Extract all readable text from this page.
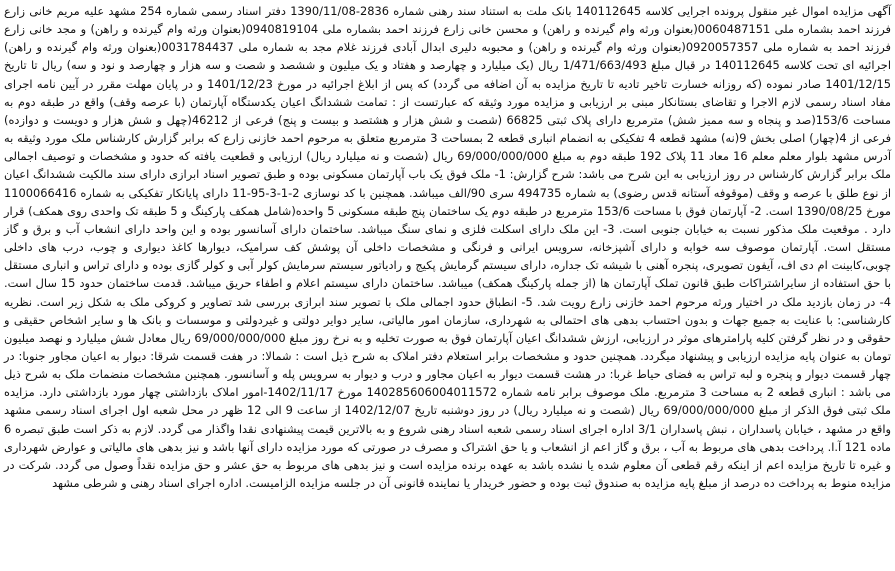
آگهی مزایده اموال غیر منقول پرونده اجرایی کلاسه 140112645 بانک ملت به استناد سند رهنی شماره 2836-1390/11/08 دفتر اسناد رسمی شماره 254 مشهد علیه مریم خانی زارع فرزند احمد بشماره ملی 0060487151(بعنوان ورثه وام گیرنده و راهن) و محسن خانی زارع فرزند احمد بشماره ملی 0940819104(بعنوان ورثه وام گیرنده و راهن) و مجد خانی زارع فرزند احمد به شماره ملی 0920057357(بعنوان ورثه وام گیرنده و راهن) و محبوبه دلیری ابدال آبادی فرزند غلام مجد به شماره ملی 0031784437(بعنوان ورثه وام گیرنده و راهن) اجرائیه ای تحت کلاسه 140112645 در قبال مبلغ 1/471/663/493 ریال (یک میلیارد و چهارصد و هفتاد و یک میلیون و ششصد و شصت و سه هزار و چهارصد و نود و سه) ریال تا تاریخ 1401/12/15 صادر نموده (که روزانه خسارت تاخیر تادیه تا تاریخ مزایده به آن اضافه می گردد) که پس از ابلاغ اجرائیه در مورخ 1401/12/23 و در پایان مهلت مقرر در آیین نامه اجرای مفاد اسناد رسمی لازم الاجرا و تقاضای بستانکار مبنی بر ارزیابی و مزایده مورد وثیقه که عبارتست از : تمامت ششدانگ اعیان یکدستگاه آپارتمان (با عرصه وقف) واقع در طبقه دوم به مساحت 153/6(صد و پنجاه و سه ممیز شش) مترمربع دارای پلاک ثبتی 66825 (شصت و شش هزار و هشتصد و بیست و پنج) فرعی از 46212(چهل و شش هزار و دویست و دوازده) فرعی از 4(چهار) اصلی بخش 9(نه) مشهد قطعه 4 تفکیکی به انضمام انباری قطعه 2 بمساحت 3 مترمربع متعلق به مرحوم احمد خازنی زارع که برابر گزارش کارشناس ملک مورد وثیقه به آدرس مشهد بلوار معلم معلم 16 معاد 11 پلاک 192 طبقه دوم به مبلغ 69/000/000/000 ریال (شصت و نه میلیارد ریال) ارزیابی و قطعیت یافته که حدود و مشخصات و توصیف اجمالی ملک برابر گزارش کارشناس در روز ارزیابی به این شرح می باشد: شرح گزارش: 1- ملک فوق یک باب آپارتمان مسکونی بوده و طبق تصویر اسناد ابرازی دارای سند مالکیت ششدانگ اعیان از نوع طلق با عرصه و وقف (موقوفه آستانه قدس رضوی) به شماره 494735 سری 90/الف میباشد. همچنین با کد نوسازی 2-1-3-95-11 دارای پایانکار تفکیکی به شماره 1100066416 مورخ 1390/08/25 است. 2- آپارتمان فوق با مساحت 153/6 مترمربع در طبقه دوم یک ساختمان پنج طبقه مسکونی 5 واحده(شامل همکف پارکینگ و 5 طبقه تک واحدی روی همکف) قرار دارد . موقعیت ملک مذکور نسبت به خیابان جنوبی است. 3- این ملک دارای اسکلت فلزی و نمای سنگ میباشد. ساختمان دارای آسانسور بوده و این واحد دارای انشعاب آب و برق و گاز مستقل است. آپارتمان موصوف سه خوابه و دارای آشپزخانه، سرویس ایرانی و فرنگی و مشخصات داخلی آن پوشش کف سرامیک، دیوارها کاغذ دیواری و چوب، درب های داخلی چوبی،کابینت ام دی اف، آیفون تصویری، پنجره آهنی با شیشه تک جداره، دارای سیستم گرمایش پکیج و رادیاتور سیستم سرمایش کولر آبی و کولر گازی بوده و دارای تراس و انباری مستقل با حق استفاده از سایراشتراکات طبق قانون تملک آپارتمان ها (از جمله پارکینگ همکف) میباشد. ساختمان دارای سیستم اعلام و اطفاء حریق میباشد. قدمت ساختمان حدود 15 سال است. 4- در زمان بازدید ملک در اختیار ورثه مرحوم احمد خازنی زارع رویت شد. 5- انطباق حدود اجمالی ملک با تصویر سند ابرازی بررسی شد تصاویر و کروکی ملک به شکل زیر است. نظریه کارشناسی: با عنایت به جمیع جهات و بدون احتساب بدهی های احتمالی به شهرداری، سازمان امور مالیاتی، سایر دوایر دولتی و غیردولتی و موسسات و بانک ها و سایر اشخاص حقیقی و حقوقی و در نظر گرفتن کلیه پارامترهای موثر در ارزیابی، ارزش ششدانگ اعیان آپارتمان فوق به صورت تخلیه و به نرخ روز مبلغ 69/000/000/000 ریال معادل شش میلیارد و نهصد میلیون تومان به عنوان پایه مزایده ارزیابی و پیشنهاد میگردد. همچنین حدود و مشخصات برابر استعلام دفتر املاک به شرح ذیل است : شمالا: در هفت قسمت شرقا: دیوار به اعیان مجاور جنوبا: در چهار قسمت دیوار و پنجره و لبه تراس به فضای حیاط غربا: در هشت قسمت دیوار به اعیان مجاور و درب و دیوار به سرویس پله و آسانسور. همچنین مشخصات منضمات ملک به شرح ذیل می باشد : انباری قطعه 2 به مساحت 3 مترمربع. ملک موصوف برابر نامه شماره 140285606004011572 مورخ 1402/11/17-امور املاک بازداشتی چهار مورد بازداشتی دارد. مزایده ملک ثبتی فوق الذکر از مبلغ 69/000/000/000 ریال (شصت و نه میلیارد ریال) در روز دوشنبه تاریخ 1402/12/07 از ساعت 9 الی 12 ظهر در محل شعبه اول اجرای اسناد رسمی مشهد واقع در مشهد ، خیابان پاسداران ، نبش پاسداران 3/1 اداره اجرای اسناد رسمی شعبه اسناد رهنی شروع و به بالاترین قیمت پیشنهادی نقدا واگذار می گردد. لازم به ذکر است طبق تبصره 6 ماده 121 آ.ا. پرداخت بدهی های مربوط به آب ، برق و گاز اعم از انشعاب و یا حق اشتراک و مصرف در صورتی که مورد مزایده دارای آنها باشد و نیز بدهی های مالیاتی و عوارض شهرداری و غیره تا تاریخ مزایده اعم از اینکه رقم قطعی آن معلوم شده یا نشده باشد به عهده برنده مزایده است و نیز بدهی های مربوط به حق عشر و حق مزایده نقداً وصول می گردد. شرکت در مزایده منوط به پرداخت ده درصد از مبلغ پایه مزایده به صندوق ثبت بوده و حضور خریدار یا نماینده قانونی آن در جلسه مزایده الزامیست. اداره اجرای اسناد رهنی و شرطی مشهد
